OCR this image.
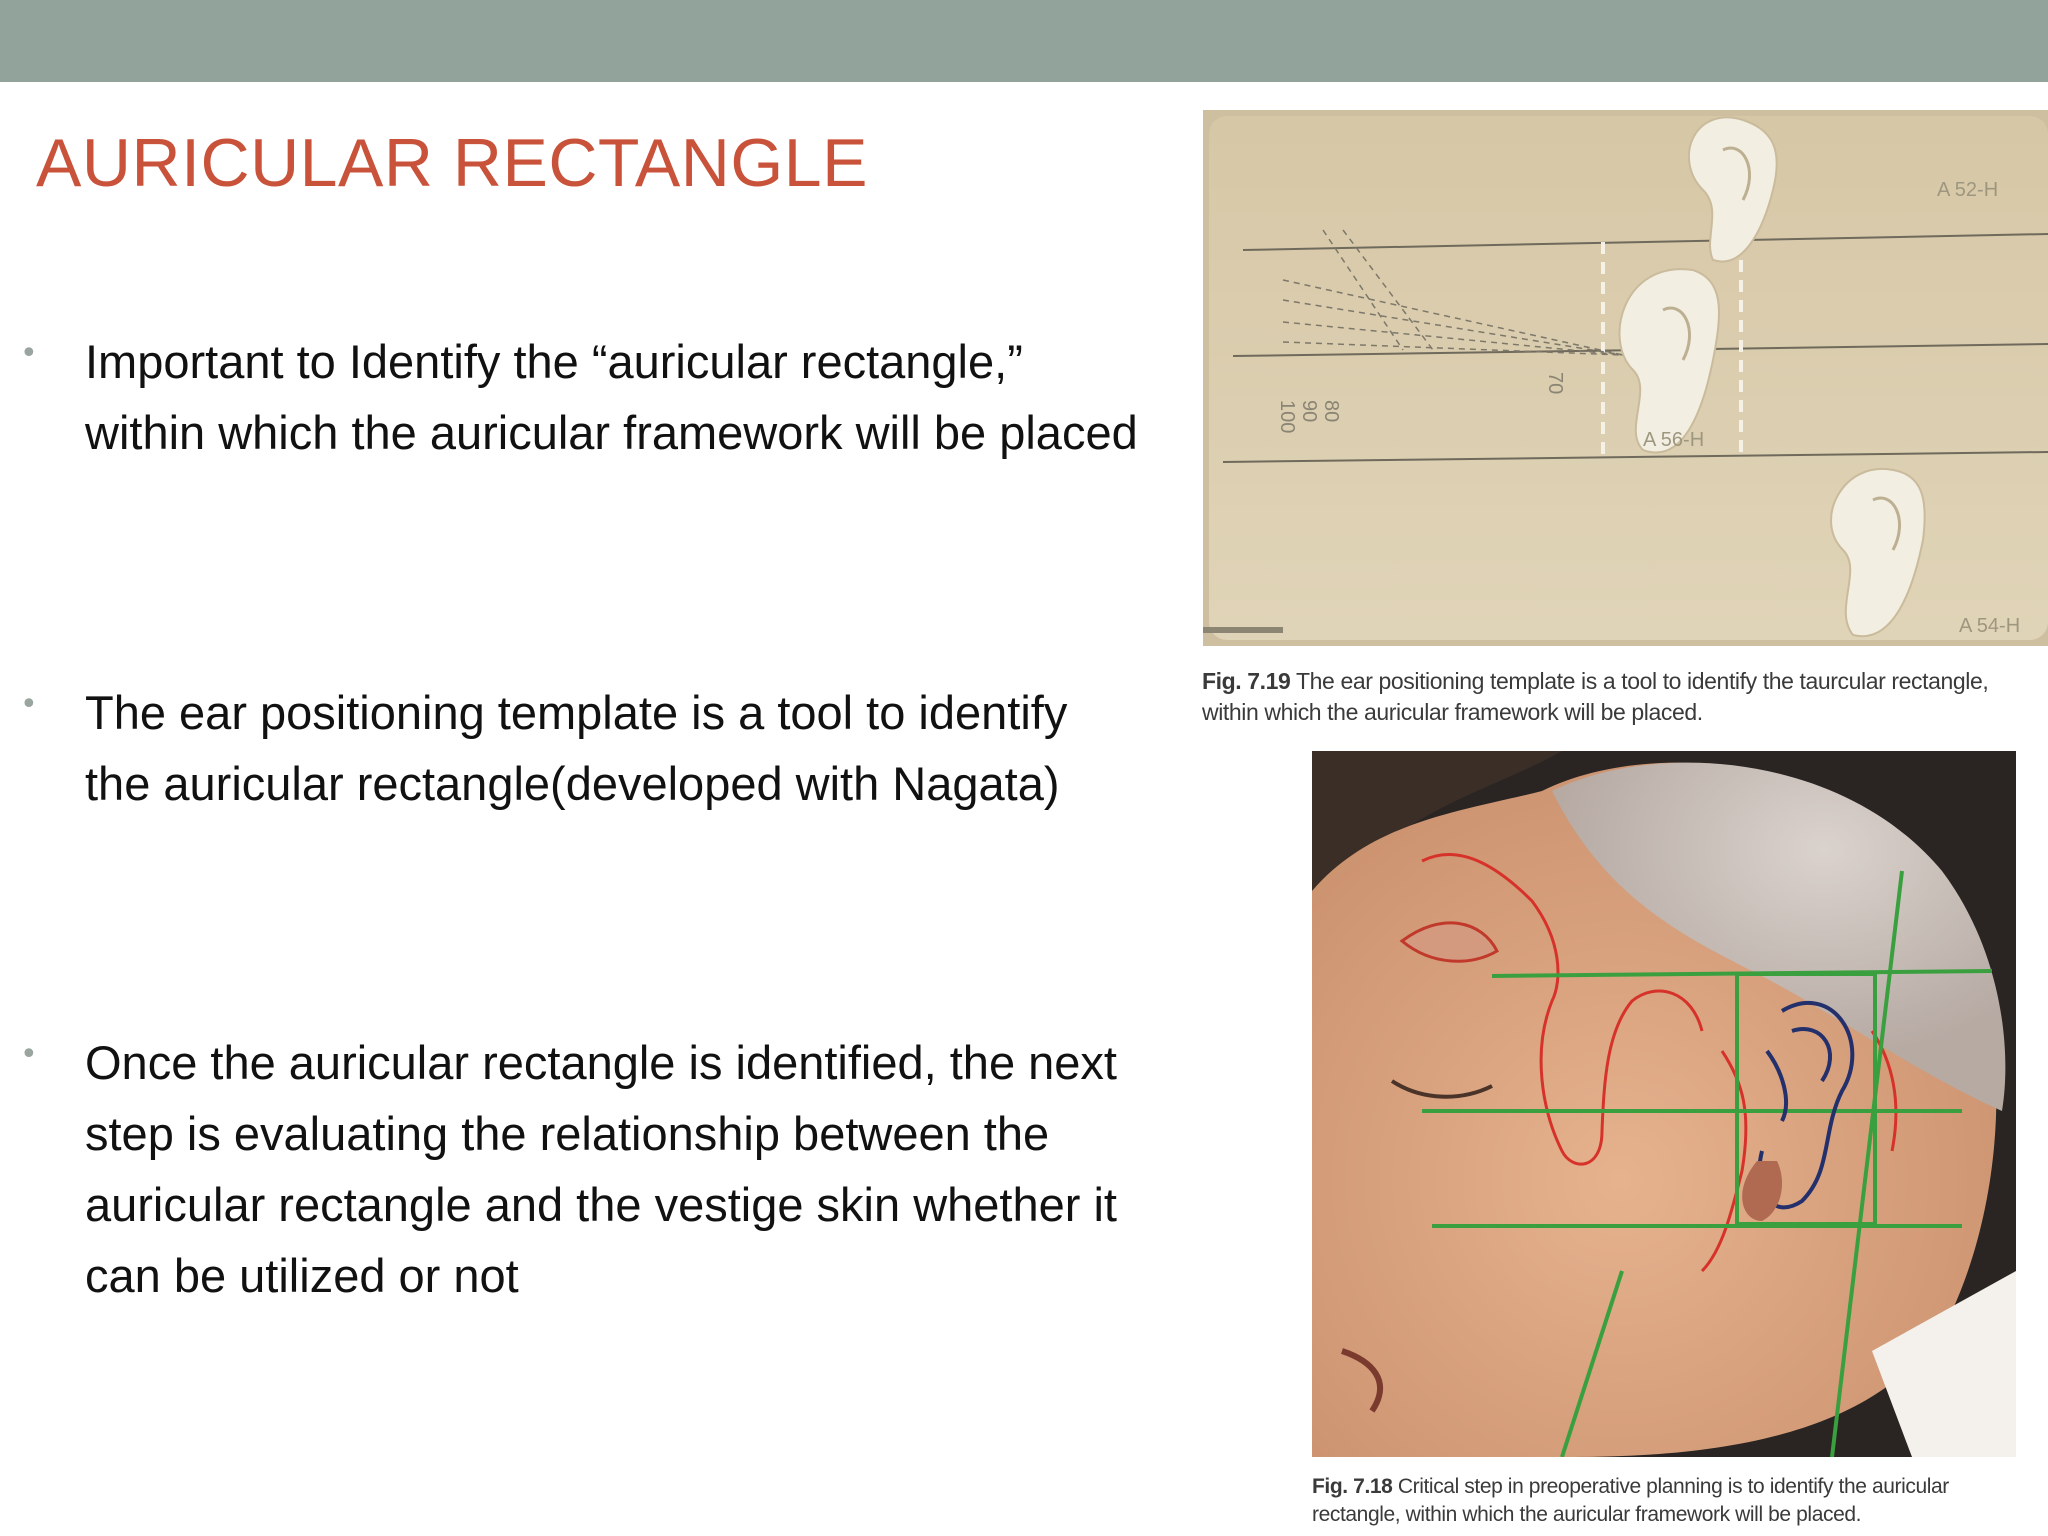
AURICULAR RECTANGLE
• Important to Identify the “auricular rectangle,” within which the auricular framework will be placed
• The ear positioning template is a tool to identify the auricular rectangle(developed with Nagata)
• Once the auricular rectangle is identified, the next step is evaluating the relationship between the auricular rectangle and the vestige skin whether it can be utilized or not
100 90 80
70
A 52-H
A 56-H
A 54-H

Fig. 7.19 The ear positioning template is a tool to identify the taurcular rectangle, within which the auricular framework will be placed.

Fig. 7.18 Critical step in preoperative planning is to identify the auricular rectangle, within which the auricular framework will be placed.
